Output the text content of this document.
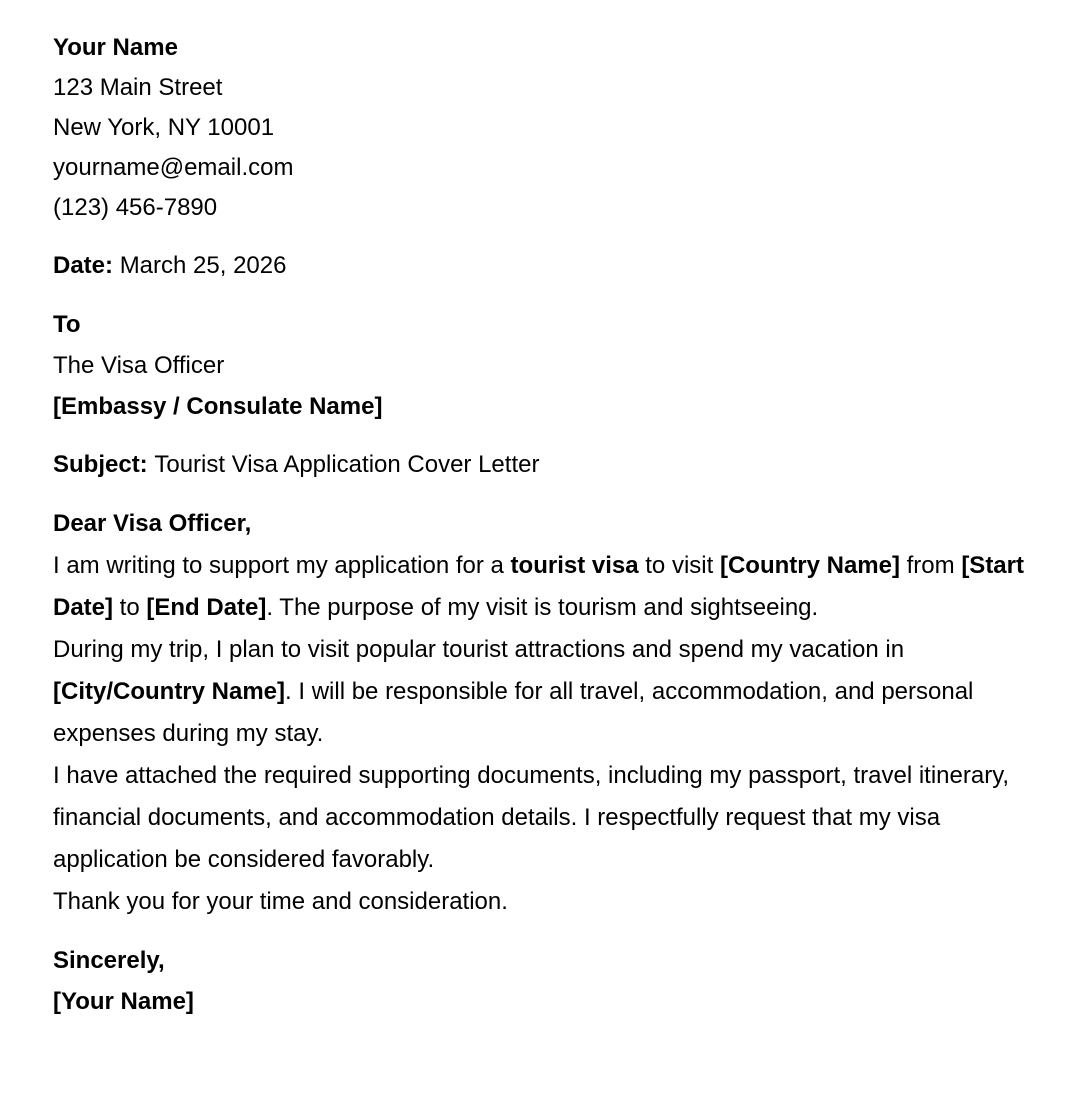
Your Name
123 Main Street
New York, NY 10001
yourname@email.com
(123) 456-7890

Date: March 25, 2026

To
The Visa Officer
[Embassy / Consulate Name]

Subject: Tourist Visa Application Cover Letter

Dear Visa Officer,

I am writing to support my application for a tourist visa to visit [Country Name] from [Start Date] to [End Date]. The purpose of my visit is tourism and sightseeing.

During my trip, I plan to visit popular tourist attractions and spend my vacation in [City/Country Name]. I will be responsible for all travel, accommodation, and personal expenses during my stay.

I have attached the required supporting documents, including my passport, travel itinerary, financial documents, and accommodation details. I respectfully request that my visa application be considered favorably.

Thank you for your time and consideration.

Sincerely,
[Your Name]
